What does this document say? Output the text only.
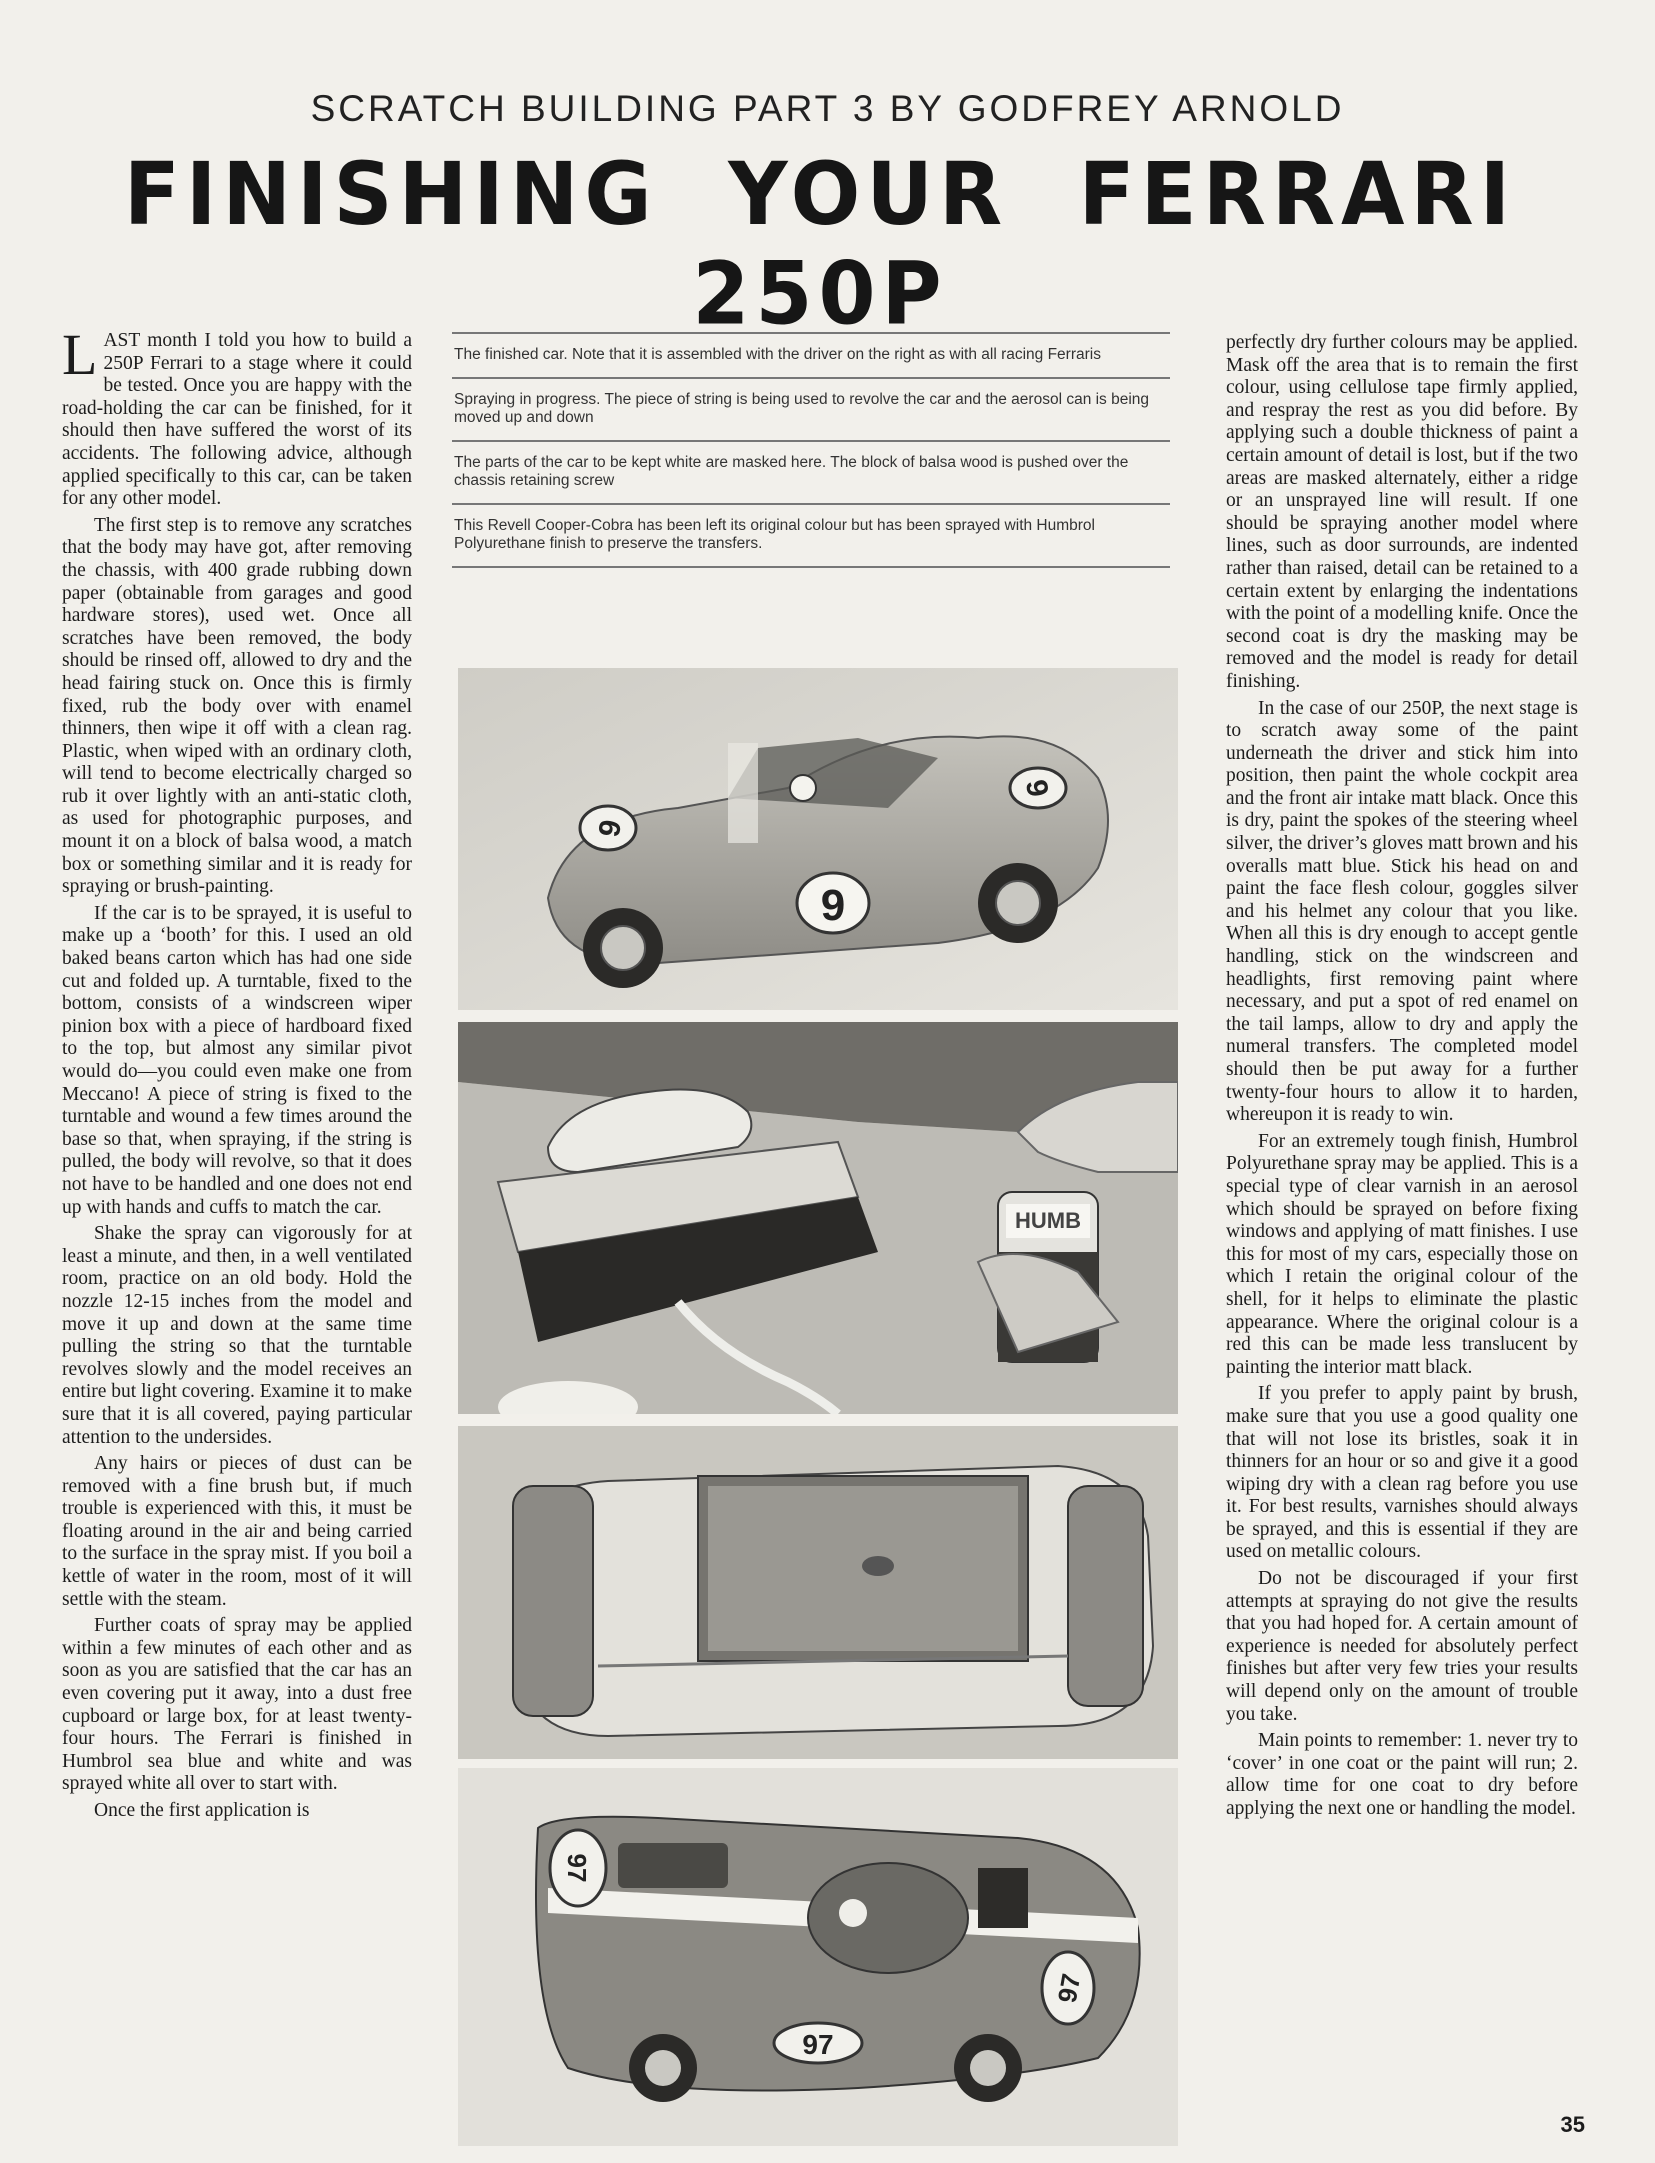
SCRATCH BUILDING PART 3 BY GODFREY ARNOLD
FINISHING YOUR FERRARI 250P

LAST month I told you how to build a 250P Ferrari to a stage where it could be tested. Once you are happy with the road-holding the car can be finished, for it should then have suffered the worst of its accidents. The following advice, although applied specifically to this car, can be taken for any other model.

The first step is to remove any scratches that the body may have got, after removing the chassis, with 400 grade rubbing down paper (obtainable from garages and good hardware stores), used wet. Once all scratches have been removed, the body should be rinsed off, allowed to dry and the head fairing stuck on. Once this is firmly fixed, rub the body over with enamel thinners, then wipe it off with a clean rag. Plastic, when wiped with an ordinary cloth, will tend to become electrically charged so rub it over lightly with an anti-static cloth, as used for photographic purposes, and mount it on a block of balsa wood, a match box or something similar and it is ready for spraying or brush-painting.

If the car is to be sprayed, it is useful to make up a ‘booth’ for this. I used an old baked beans carton which has had one side cut and folded up. A turntable, fixed to the bottom, consists of a windscreen wiper pinion box with a piece of hardboard fixed to the top, but almost any similar pivot would do—you could even make one from Meccano! A piece of string is fixed to the turntable and wound a few times around the base so that, when spraying, if the string is pulled, the body will revolve, so that it does not have to be handled and one does not end up with hands and cuffs to match the car.

Shake the spray can vigorously for at least a minute, and then, in a well ventilated room, practice on an old body. Hold the nozzle 12-15 inches from the model and move it up and down at the same time pulling the string so that the turntable revolves slowly and the model receives an entire but light covering. Examine it to make sure that it is all covered, paying particular attention to the undersides.

Any hairs or pieces of dust can be removed with a fine brush but, if much trouble is experienced with this, it must be floating around in the air and being carried to the surface in the spray mist. If you boil a kettle of water in the room, most of it will settle with the steam.

Further coats of spray may be applied within a few minutes of each other and as soon as you are satisfied that the car has an even covering put it away, into a dust free cupboard or large box, for at least twenty-four hours. The Ferrari is finished in Humbrol sea blue and white and was sprayed white all over to start with.

Once the first application is

The finished car. Note that it is assembled with the driver on the right as with all racing Ferraris
Spraying in progress. The piece of string is being used to revolve the car and the aerosol can is being moved up and down
The parts of the car to be kept white are masked here. The block of balsa wood is pushed over the chassis retaining screw
This Revell Cooper-Cobra has been left its original colour but has been sprayed with Humbrol Polyurethane finish to preserve the transfers.
9
9
9
HUMB
97
97
97

perfectly dry further colours may be applied. Mask off the area that is to remain the first colour, using cellulose tape firmly applied, and respray the rest as you did before. By applying such a double thickness of paint a certain amount of detail is lost, but if the two areas are masked alternately, either a ridge or an unsprayed line will result. If one should be spraying another model where lines, such as door surrounds, are indented rather than raised, detail can be retained to a certain extent by enlarging the indentations with the point of a modelling knife. Once the second coat is dry the masking may be removed and the model is ready for detail finishing.

In the case of our 250P, the next stage is to scratch away some of the paint underneath the driver and stick him into position, then paint the whole cockpit area and the front air intake matt black. Once this is dry, paint the spokes of the steering wheel silver, the driver’s gloves matt brown and his overalls matt blue. Stick his head on and paint the face flesh colour, goggles silver and his helmet any colour that you like. When all this is dry enough to accept gentle handling, stick on the windscreen and headlights, first removing paint where necessary, and put a spot of red enamel on the tail lamps, allow to dry and apply the numeral transfers. The completed model should then be put away for a further twenty-four hours to allow it to harden, whereupon it is ready to win.

For an extremely tough finish, Humbrol Polyurethane spray may be applied. This is a special type of clear varnish in an aerosol which should be sprayed on before fixing windows and applying of matt finishes. I use this for most of my cars, especially those on which I retain the original colour of the shell, for it helps to eliminate the plastic appearance. Where the original colour is a red this can be made less translucent by painting the interior matt black.

If you prefer to apply paint by brush, make sure that you use a good quality one that will not lose its bristles, soak it in thinners for an hour or so and give it a good wiping dry with a clean rag before you use it. For best results, varnishes should always be sprayed, and this is essential if they are used on metallic colours.

Do not be discouraged if your first attempts at spraying do not give the results that you had hoped for. A certain amount of experience is needed for absolutely perfect finishes but after very few tries your results will depend only on the amount of trouble you take.

Main points to remember: 1. never try to ‘cover’ in one coat or the paint will run; 2. allow time for one coat to dry before applying the next one or handling the model.

35
